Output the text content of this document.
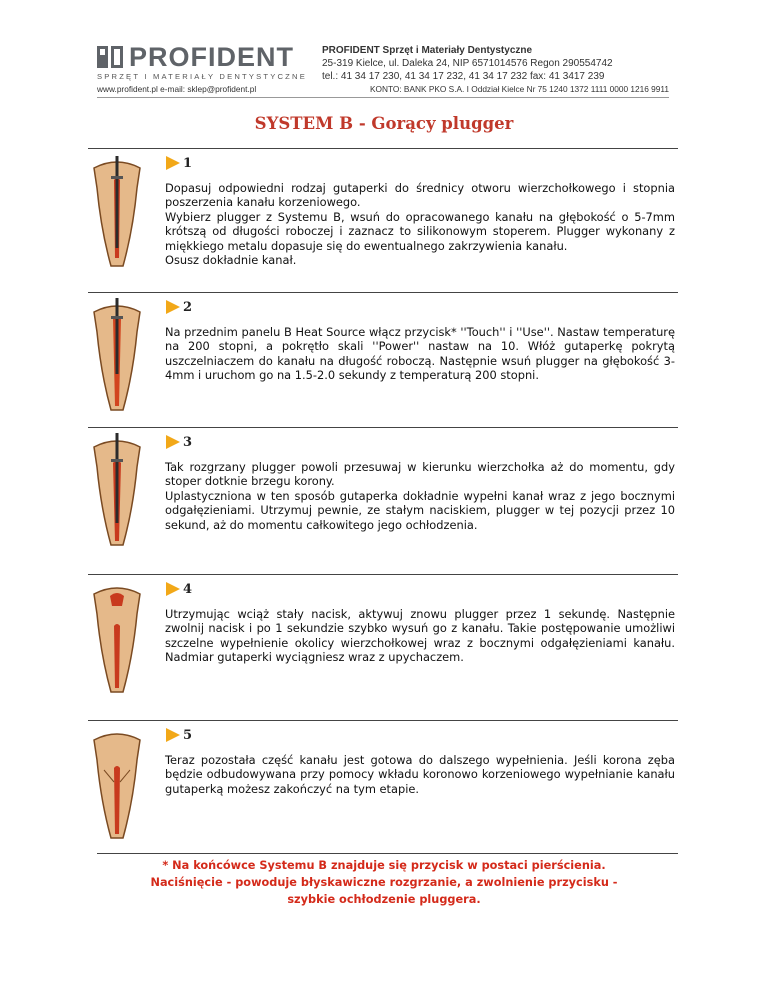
PROFIDENT
SPRZĘT I MATERIAŁY DENTYSTYCZNE
PROFIDENT Sprzęt i Materiały Dentystyczne
25-319 Kielce, ul. Daleka 24, NIP 6571014576 Regon 290554742
tel.: 41 34 17 230, 41 34 17 232, 41 34 17 232 fax: 41 3417 239
www.profident.pl e-mail: sklep@profident.pl	KONTO: BANK PKO S.A. I Oddział Kielce Nr 75 1240 1372 1111 0000 1216 9911
SYSTEM B - Gorący plugger
1

Dopasuj odpowiedni rodzaj gutaperki do średnicy otworu wierzchołkowego i stopnia poszerzenia kanału korzeniowego.

Wybierz plugger z Systemu B, wsuń do opracowanego kanału na głębokość o 5-7mm krótszą od długości roboczej i zaznacz to silikonowym stoperem. Plugger wykonany z miękkiego metalu dopasuje się do ewentualnego zakrzywienia kanału.

Osusz dokładnie kanał.

2

Na przednim panelu B Heat Source włącz przycisk* ''Touch'' i ''Use''. Nastaw temperaturę na 200 stopni, a pokrętło skali ''Power'' nastaw na 10. Włóż gutaperkę pokrytą uszczelniaczem do kanału na długość roboczą. Następnie wsuń plugger na głębokość 3-4mm i uruchom go na 1.5-2.0 sekundy z temperaturą 200 stopni.

3

Tak rozgrzany plugger powoli przesuwaj w kierunku wierzchołka aż do momentu, gdy stoper dotknie brzegu korony.

Uplastyczniona w ten sposób gutaperka dokładnie wypełni kanał wraz z jego bocznymi odgałęzieniami. Utrzymuj pewnie, ze stałym naciskiem, plugger w tej pozycji przez 10 sekund, aż do momentu całkowitego jego ochłodzenia.

4

Utrzymując wciąż stały nacisk, aktywuj znowu plugger przez 1 sekundę. Następnie zwolnij nacisk i po 1 sekundzie szybko wysuń go z kanału. Takie postępowanie umożliwi szczelne wypełnienie okolicy wierzchołkowej wraz z bocznymi odgałęzieniami kanału. Nadmiar gutaperki wyciągniesz wraz z upychaczem.

5

Teraz pozostała część kanału jest gotowa do dalszego wypełnienia. Jeśli korona zęba będzie odbudowywana przy pomocy wkładu koronowo korzeniowego wypełnianie kanału gutaperką możesz zakończyć na tym etapie.

* Na końcówce Systemu B znajduje się przycisk w postaci pierścienia.
Naciśnięcie - powoduje błyskawiczne rozgrzanie, a zwolnienie przycisku -
szybkie ochłodzenie pluggera.
